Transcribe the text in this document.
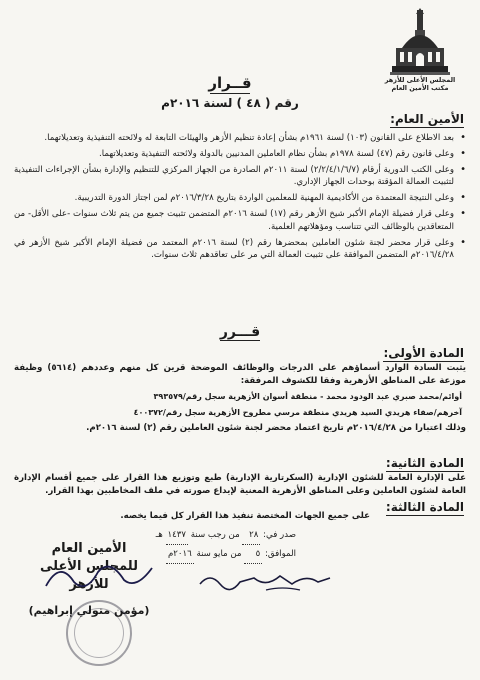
المجلس الأعلى للأزهر
مكتب الأمين العام
قــرار
رقم ( ٤٨ ) لسنة ٢٠١٦م
الأمين العام:
• بعد الاطلاع على القانون (١٠٣) لسنة ١٩٦١م بشأن إعادة تنظيم الأزهر والهيئات التابعة له ولائحته التنفيذية وتعديلاتهما.
• وعلى قانون رقم (٤٧) لسنة ١٩٧٨م بشأن نظام العاملين المدنيين بالدولة ولائحته التنفيذية وتعديلاتهما.
• وعلى الكتب الدورية أرقام (٢/٢/٤/١/٦/٧) لسنة ٢٠١١م الصادرة من الجهاز المركزي للتنظيم والإدارة بشأن الإجراءات التنفيذية لتثبيت العمالة المؤقتة بوحدات الجهاز الإداري.
• وعلى النتيجة المعتمدة من الأكاديمية المهنية للمعلمين الواردة بتاريخ ٢٠١٦/٣/٢٨م لمن اجتاز الدورة التدريبية.
• وعلى قرار فضيلة الإمام الأكبر شيخ الأزهر رقم (١٧) لسنة ٢٠١٦م المتضمن تثبيت جميع من يتم ثلاث سنوات -على الأقل- من المتعاقدين بالوظائف التي تتناسب ومؤهلاتهم العلمية.
• وعلى قرار محضر لجنة شئون العاملين بمحضرها رقم (٢) لسنة ٢٠١٦م المعتمد من فضيلة الإمام الأكبر شيخ الأزهر في ٢٠١٦/٤/٢٨م المتضمن الموافقة على تثبيت العمالة التي مر على تعاقدهم ثلاث سنوات.
قـــرر
المادة الأولى:
يثبت السادة الوارد أسماؤهم على الدرجات والوظائف الموضحة قرين كل منهم وعددهم (٥٦١٤) وظيفة موزعة على المناطق الأزهرية وفقا للكشوف المرفقة:
أوائم/محمد صبري عبد الودود محمد - منطقة أسوان الأزهرية سجل رقم/٣٩٣٥٧٩
آخرهم/صفاء هريدي السيد هريدي منطقة مرسي مطروح الأزهرية سجل رقم/٤٠٠٣٧٢
وذلك اعتبارا من ٢٠١٦/٤/٢٨م تاريخ اعتماد محضر لجنة شئون العاملين رقم (٢) لسنة ٢٠١٦م.
المادة الثانية:
على الإدارة العامة للشئون الإدارية (السكرتارية الإدارية) طبع وتوزيع هذا القرار على جميع أقسام الإدارة العامة لشئون العاملين وعلى المناطق الأزهرية المعنية لإيداع صورته في ملف المخاطبين بهذا القرار.
المادة الثالثة:
على جميع الجهات المختصة تنفيذ هذا القرار كل فيما يخصه.
صدر في: ٢٨ من رجب سنة ١٤٣٧ هـ
الموافق: ٥ من مايو سنة ٢٠١٦م
الأمين العام
للمجلس الأعلى للأزهر
(مؤمن متولي إبراهيم)
